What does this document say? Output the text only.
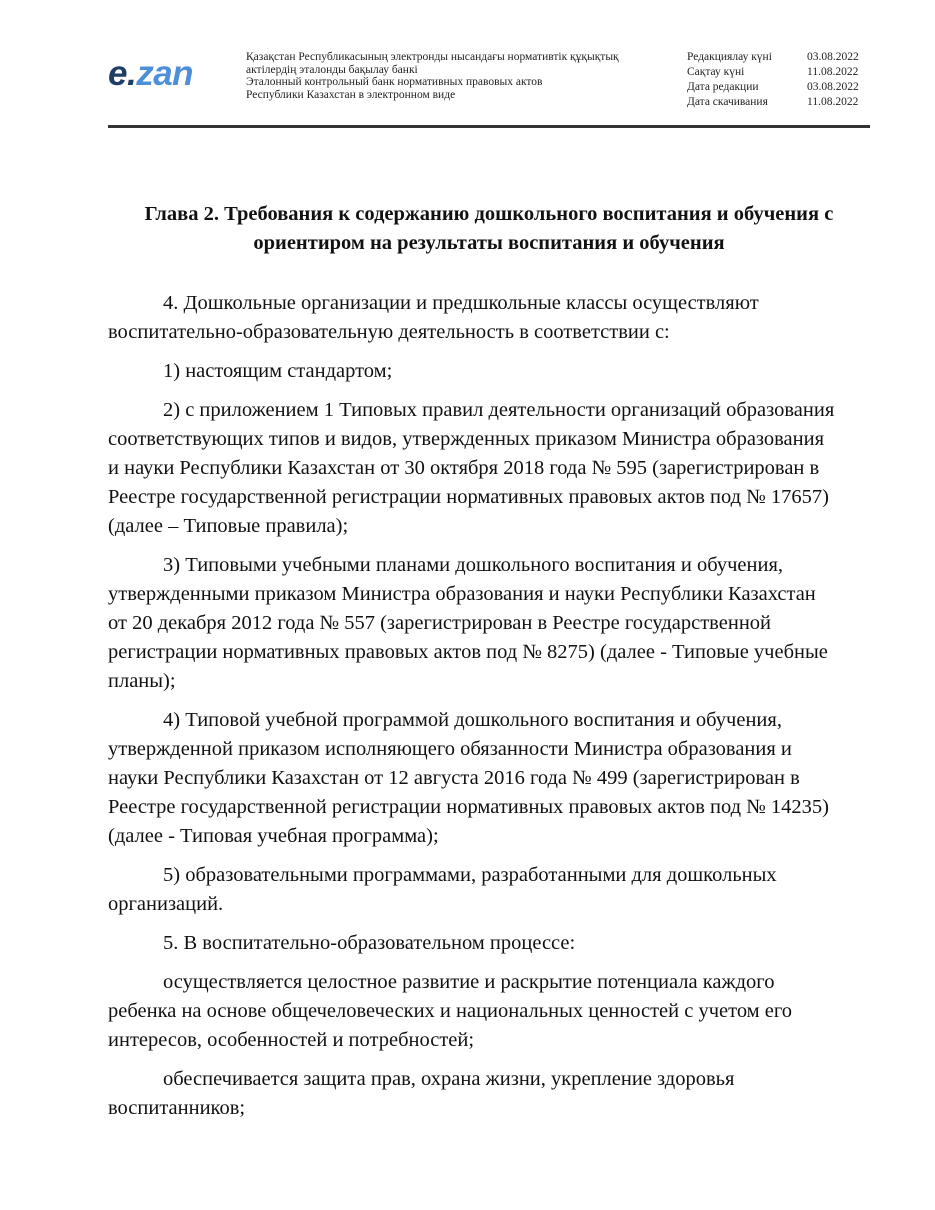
e.zan	Қазақстан Республикасының электронды нысандағы нормативтік құқықтық
актілердің эталонды бақылау банкі
Эталонный контрольный банк нормативных правовых актов
Республики Казахстан в электронном виде
Редакциялау күні	03.08.2022
Сақтау күні	11.08.2022
Дата редакции	03.08.2022
Дата скачивания	11.08.2022
Глава 2. Требования к содержанию дошкольного воспитания и обучения с
ориентиром на результаты воспитания и обучения
4. Дошкольные организации и предшкольные классы осуществляют
воспитательно-образовательную деятельность в соответствии с:
1) настоящим стандартом;
2) с приложением 1 Типовых правил деятельности организаций образования
соответствующих типов и видов, утвержденных приказом Министра образования
и науки Республики Казахстан от 30 октября 2018 года № 595 (зарегистрирован в
Реестре государственной регистрации нормативных правовых актов под № 17657)
(далее – Типовые правила);
3) Типовыми учебными планами дошкольного воспитания и обучения,
утвержденными приказом Министра образования и науки Республики Казахстан
от 20 декабря 2012 года № 557 (зарегистрирован в Реестре государственной
регистрации нормативных правовых актов под № 8275) (далее - Типовые учебные
планы);
4) Типовой учебной программой дошкольного воспитания и обучения,
утвержденной приказом исполняющего обязанности Министра образования и
науки Республики Казахстан от 12 августа 2016 года № 499 (зарегистрирован в
Реестре государственной регистрации нормативных правовых актов под № 14235)
(далее - Типовая учебная программа);
5) образовательными программами, разработанными для дошкольных
организаций.
5. В воспитательно-образовательном процессе:
осуществляется целостное развитие и раскрытие потенциала каждого
ребенка на основе общечеловеческих и национальных ценностей с учетом его
интересов, особенностей и потребностей;
обеспечивается защита прав, охрана жизни, укрепление здоровья
воспитанников;
